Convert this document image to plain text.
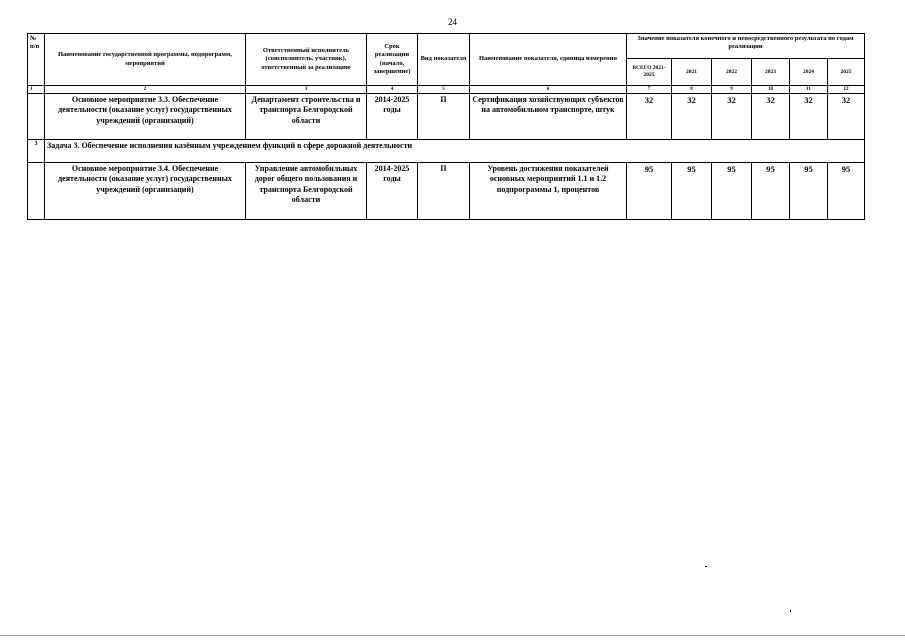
24
№ п/п	Наименование государственной программы, подпрограмм, мероприятий	Ответственный исполнитель (соисполнитель, участник), ответственный за реализацию	Срок реализации (начало, завершение)	Вид показателя	Наименование показателя, единица измерения	Значение показателя конечного и непосредственного результата по годам реализации					
						ВСЕГО 2021-2025	2021	2022	2023	2024	2025
1	2	3	4	5	6	7	8	9	10	11	12
	Основное мероприятие 3.3. Обеспечение деятельности (оказание услуг) государственных учреждений (организаций)	Департамент строительства и транспорта Белгородской области	2014-2025 годы	П	Сертификация хозяйствующих субъектов на автомобильном транспорте, штук	32	32	32	32	32	32
3	Задача 3. Обеспечение исполнения казённым учреждением функций в сфере дорожной деятельности										
	Основное мероприятие 3.4. Обеспечение деятельности (оказание услуг) государственных учреждений (организаций)	Управление автомобильных дорог общего пользования и транспорта Белгородской области	2014-2025 годы	П	Уровень достижения показателей основных мероприятий 1.1 и 1.2 подпрограммы 1, процентов	95	95	95	95	95	95
